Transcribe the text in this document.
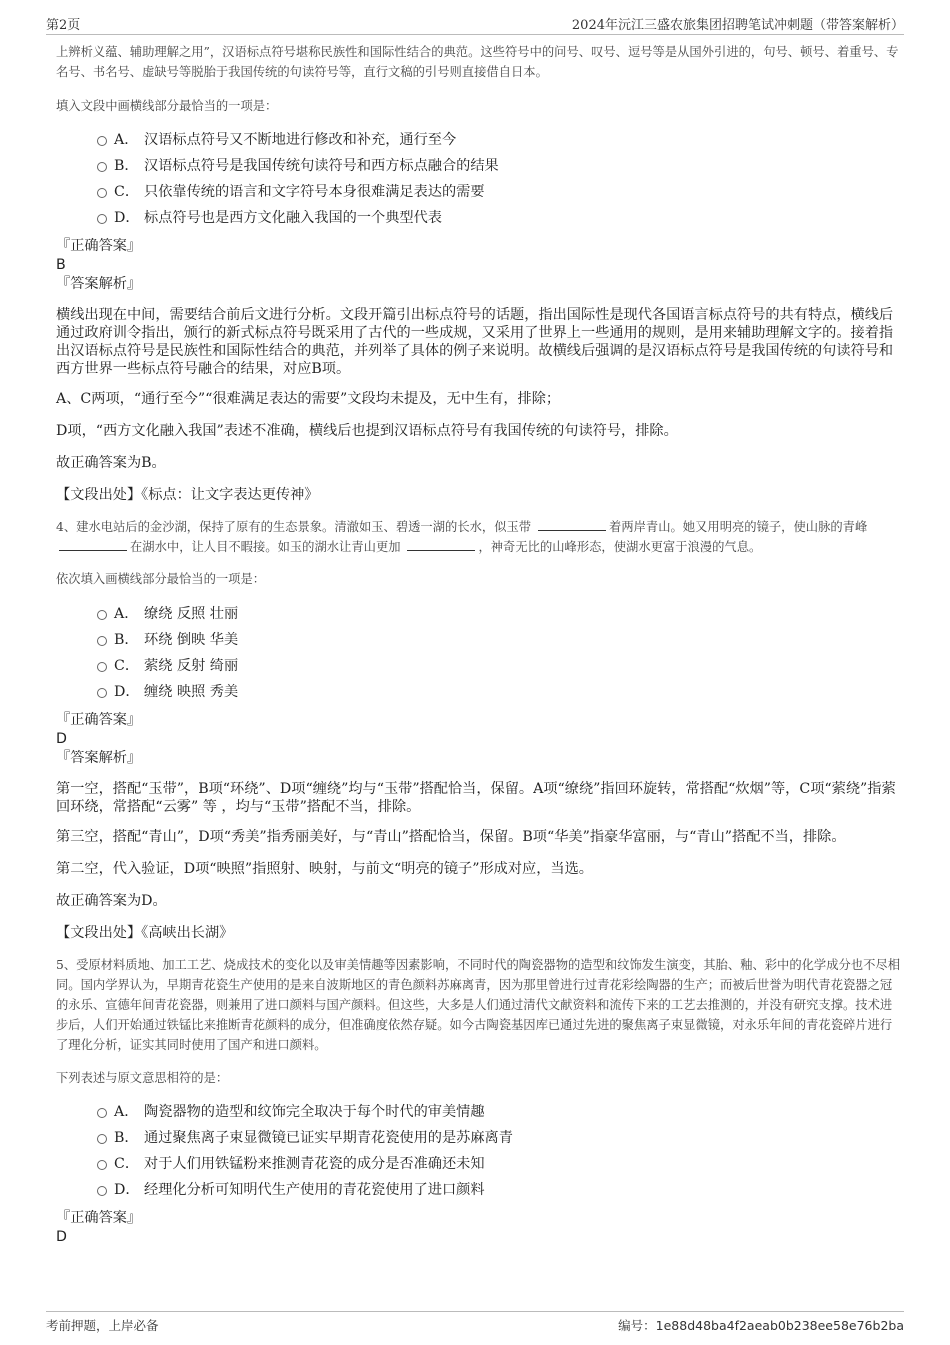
第2页	2024年沅江三盛农旅集团招聘笔试冲刺题（带答案解析）

上辨析义蕴、辅助理解之用”，汉语标点符号堪称民族性和国际性结合的典范。这些符号中的问号、叹号、逗号等是从国外引进的，句号、顿号、着重号、专名号、书名号、虚缺号等脱胎于我国传统的句读符号等，直行文稿的引号则直接借自日本。

填入文段中画横线部分最恰当的一项是：

A． 汉语标点符号又不断地进行修改和补充，通行至今
B． 汉语标点符号是我国传统句读符号和西方标点融合的结果
C． 只依靠传统的语言和文字符号本身很难满足表达的需要
D． 标点符号也是西方文化融入我国的一个典型代表

『正确答案』

B

『答案解析』

横线出现在中间，需要结合前后文进行分析。文段开篇引出标点符号的话题，指出国际性是现代各国语言标点符号的共有特点，横线后通过政府训令指出，颁行的新式标点符号既采用了古代的一些成规，又采用了世界上一些通用的规则，是用来辅助理解文字的。接着指出汉语标点符号是民族性和国际性结合的典范，并列举了具体的例子来说明。故横线后强调的是汉语标点符号是我国传统的句读符号和西方世界一些标点符号融合的结果，对应B项。

A、C两项，“通行至今”“很难满足表达的需要”文段均未提及，无中生有，排除；

D项，“西方文化融入我国”表述不准确，横线后也提到汉语标点符号有我国传统的句读符号，排除。

故正确答案为B。

【文段出处】《标点：让文字表达更传神》

4、建水电站后的金沙湖，保持了原有的生态景象。清澈如玉、碧透一湖的长水，似玉带	着两岸青山。她又用明亮的镜子，使山脉的青峰 在湖水中，让人目不暇接。如玉的湖水让青山更加	，神奇无比的山峰形态，使湖水更富于浪漫的气息。

依次填入画横线部分最恰当的一项是：

A． 缭绕 反照 壮丽
B． 环绕 倒映 华美
C． 萦绕 反射 绮丽
D． 缠绕 映照 秀美

『正确答案』

D

『答案解析』

第一空，搭配“玉带”，B项“环绕”、D项“缠绕”均与“玉带”搭配恰当，保留。A项“缭绕”指回环旋转，常搭配“炊烟”等，C项“萦绕”指萦回环绕，常搭配“云雾” 等 ，均与“玉带”搭配不当，排除。

第三空，搭配“青山”，D项“秀美”指秀丽美好，与“青山”搭配恰当，保留。B项“华美”指豪华富丽，与“青山”搭配不当，排除。

第二空，代入验证，D项“映照”指照射、映射，与前文“明亮的镜子”形成对应，当选。

故正确答案为D。

【文段出处】《高峡出长湖》

5、受原材料质地、加工工艺、烧成技术的变化以及审美情趣等因素影响，不同时代的陶瓷器物的造型和纹饰发生演变，其胎、釉、彩中的化学成分也不尽相同。国内学界认为，早期青花瓷生产使用的是来自波斯地区的青色颜料苏麻离青，因为那里曾进行过青花彩绘陶器的生产；而被后世誉为明代青花瓷器之冠的永乐、宣德年间青花瓷器，则兼用了进口颜料与国产颜料。但这些，大多是人们通过清代文献资料和流传下来的工艺去推测的，并没有研究支撑。技术进步后，人们开始通过铁锰比来推断青花颜料的成分，但准确度依然存疑。如今古陶瓷基因库已通过先进的聚焦离子束显微镜，对永乐年间的青花瓷碎片进行了理化分析，证实其同时使用了国产和进口颜料。

下列表述与原文意思相符的是：

A． 陶瓷器物的造型和纹饰完全取决于每个时代的审美情趣
B． 通过聚焦离子束显微镜已证实早期青花瓷使用的是苏麻离青
C． 对于人们用铁锰粉来推测青花瓷的成分是否准确还未知
D． 经理化分析可知明代生产使用的青花瓷使用了进口颜料

『正确答案』

D

考前押题，上岸必备	编号：1e88d48ba4f2aeab0b238ee58e76b2ba
